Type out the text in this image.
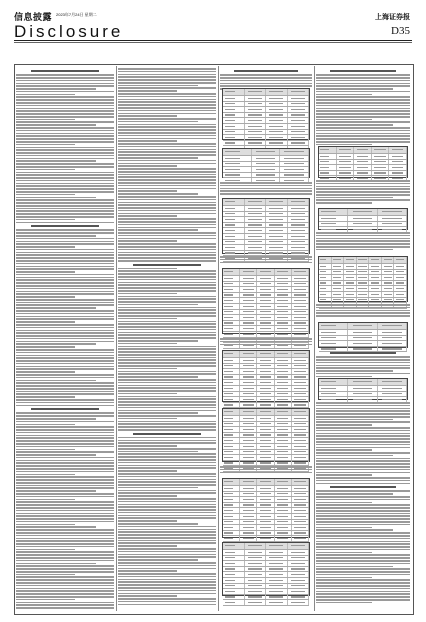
信息披露 2023年7月24日 星期二
Disclosure
上海证券报
D35
